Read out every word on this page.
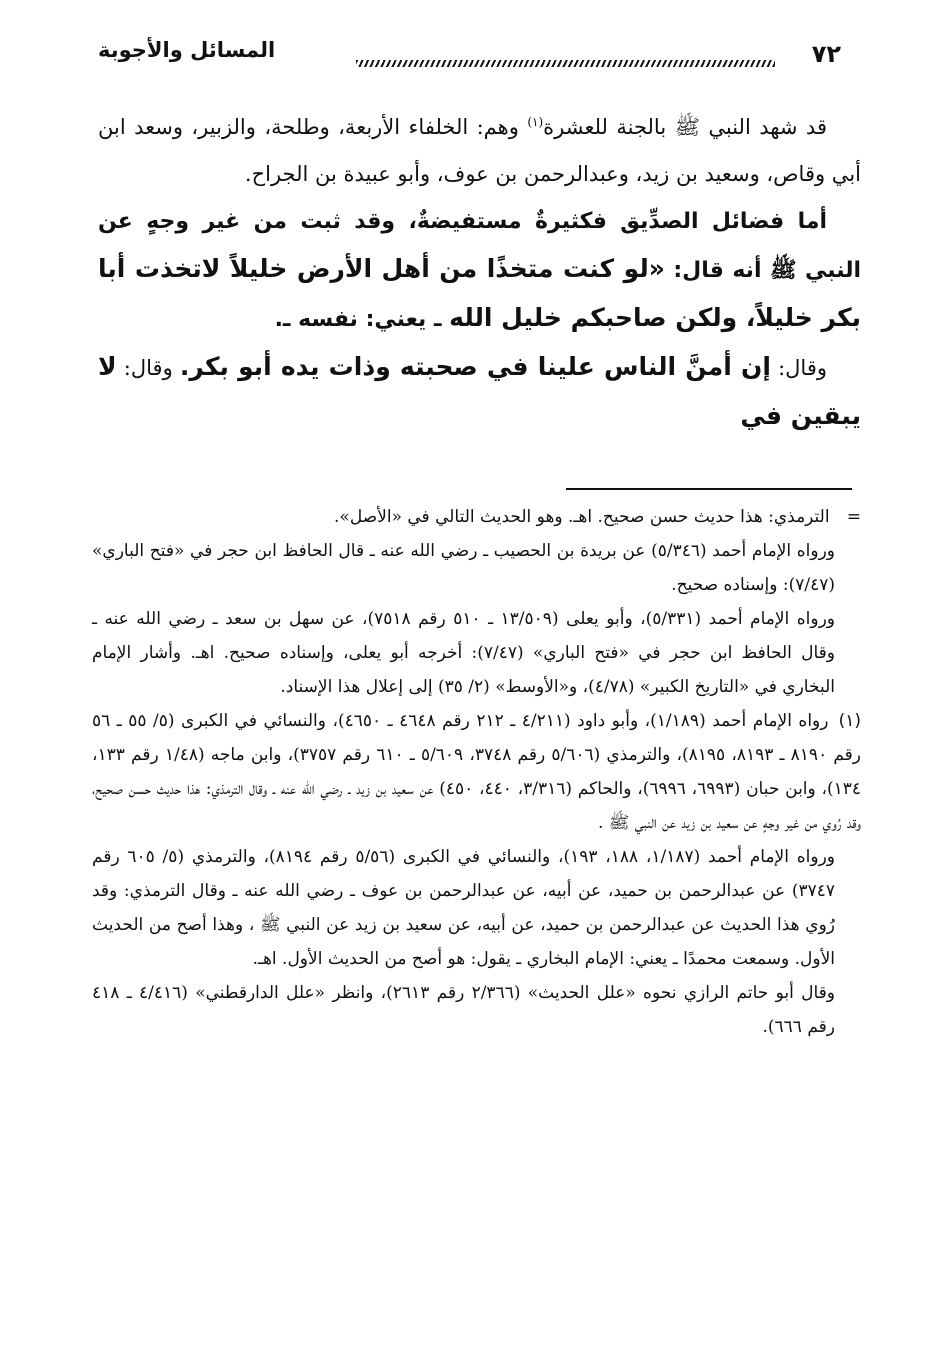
٧٢
المسائل والأجوبة

قد شهد النبي ﷺ بالجنة للعشرة$^{(١)}$ وهم: الخلفاء الأربعة، وطلحة، والزبير، وسعد ابن أبي وقاص، وسعيد بن زيد، وعبدالرحمن بن عوف، وأبو عبيدة بن الجراح.

أما فضائل الصدِّيق فكثيرةٌ مستفيضةٌ، وقد ثبت من غير وجهٍ عن النبي ﷺ أنه قال: «لو كنت متخذًا من أهل الأرض خليلاً لاتخذت أبا بكر خليلاً، ولكن صاحبكم خليل الله ـ يعني: نفسه ـ.

وقال: إن أمنَّ الناس علينا في صحبته وذات يده أبو بكر. وقال: لا يبقين في

= الترمذي: هذا حديث حسن صحيح. اهـ. وهو الحديث التالي في «الأصل».

ورواه الإمام أحمد (٥/٣٤٦) عن بريدة بن الحصيب ـ رضي الله عنه ـ قال الحافظ ابن حجر في «فتح الباري» (٧/٤٧): وإسناده صحيح.

ورواه الإمام أحمد (٥/٣٣١)، وأبو يعلى (١٣/٥٠٩ ـ ٥١٠ رقم ٧٥١٨)، عن سهل بن سعد ـ رضي الله عنه ـ وقال الحافظ ابن حجر في «فتح الباري» (٧/٤٧): أخرجه أبو يعلى، وإسناده صحيح. اهـ. وأشار الإمام البخاري في «التاريخ الكبير» (٤/٧٨)، و«الأوسط» (٢/ ٣٥) إلى إعلال هذا الإسناد.

(١) رواه الإمام أحمد (١/١٨٩)، وأبو داود (٤/٢١١ ـ ٢١٢ رقم ٤٦٤٨ ـ ٤٦٥٠)، والنسائي في الكبرى (٥/ ٥٥ ـ ٥٦ رقم ٨١٩٠ ـ ٨١٩٣، ٨١٩٥)، والترمذي (٥/٦٠٦ رقم ٣٧٤٨، ٥/٦٠٩ ـ ٦١٠ رقم ٣٧٥٧)، وابن ماجه (١/٤٨ رقم ١٣٣، ١٣٤)، وابن حبان (٦٩٩٣، ٦٩٩٦)، والحاكم (٣/٣١٦، ٤٤٠، ٤٥٠) عن سعيد بن زيد ـ رضي الله عنه ـ وقال الترمذي: هذا حديث حسن صحيح، وقد رُوي من غير وجهٍ عن سعيد بن زيد عن النبي ﷺ .

ورواه الإمام أحمد (١/١٨٧، ١٨٨، ١٩٣)، والنسائي في الكبرى (٥/٥٦ رقم ٨١٩٤)، والترمذي (٥/ ٦٠٥ رقم ٣٧٤٧) عن عبدالرحمن بن حميد، عن أبيه، عن عبدالرحمن بن عوف ـ رضي الله عنه ـ وقال الترمذي: وقد رُوي هذا الحديث عن عبدالرحمن بن حميد، عن أبيه، عن سعيد بن زيد عن النبي ﷺ ، وهذا أصح من الحديث الأول. وسمعت محمدًا ـ يعني: الإمام البخاري ـ يقول: هو أصح من الحديث الأول. اهـ.

وقال أبو حاتم الرازي نحوه «علل الحديث» (٢/٣٦٦ رقم ٢٦١٣)، وانظر «علل الدارقطني» (٤/٤١٦ ـ ٤١٨ رقم ٦٦٦).
